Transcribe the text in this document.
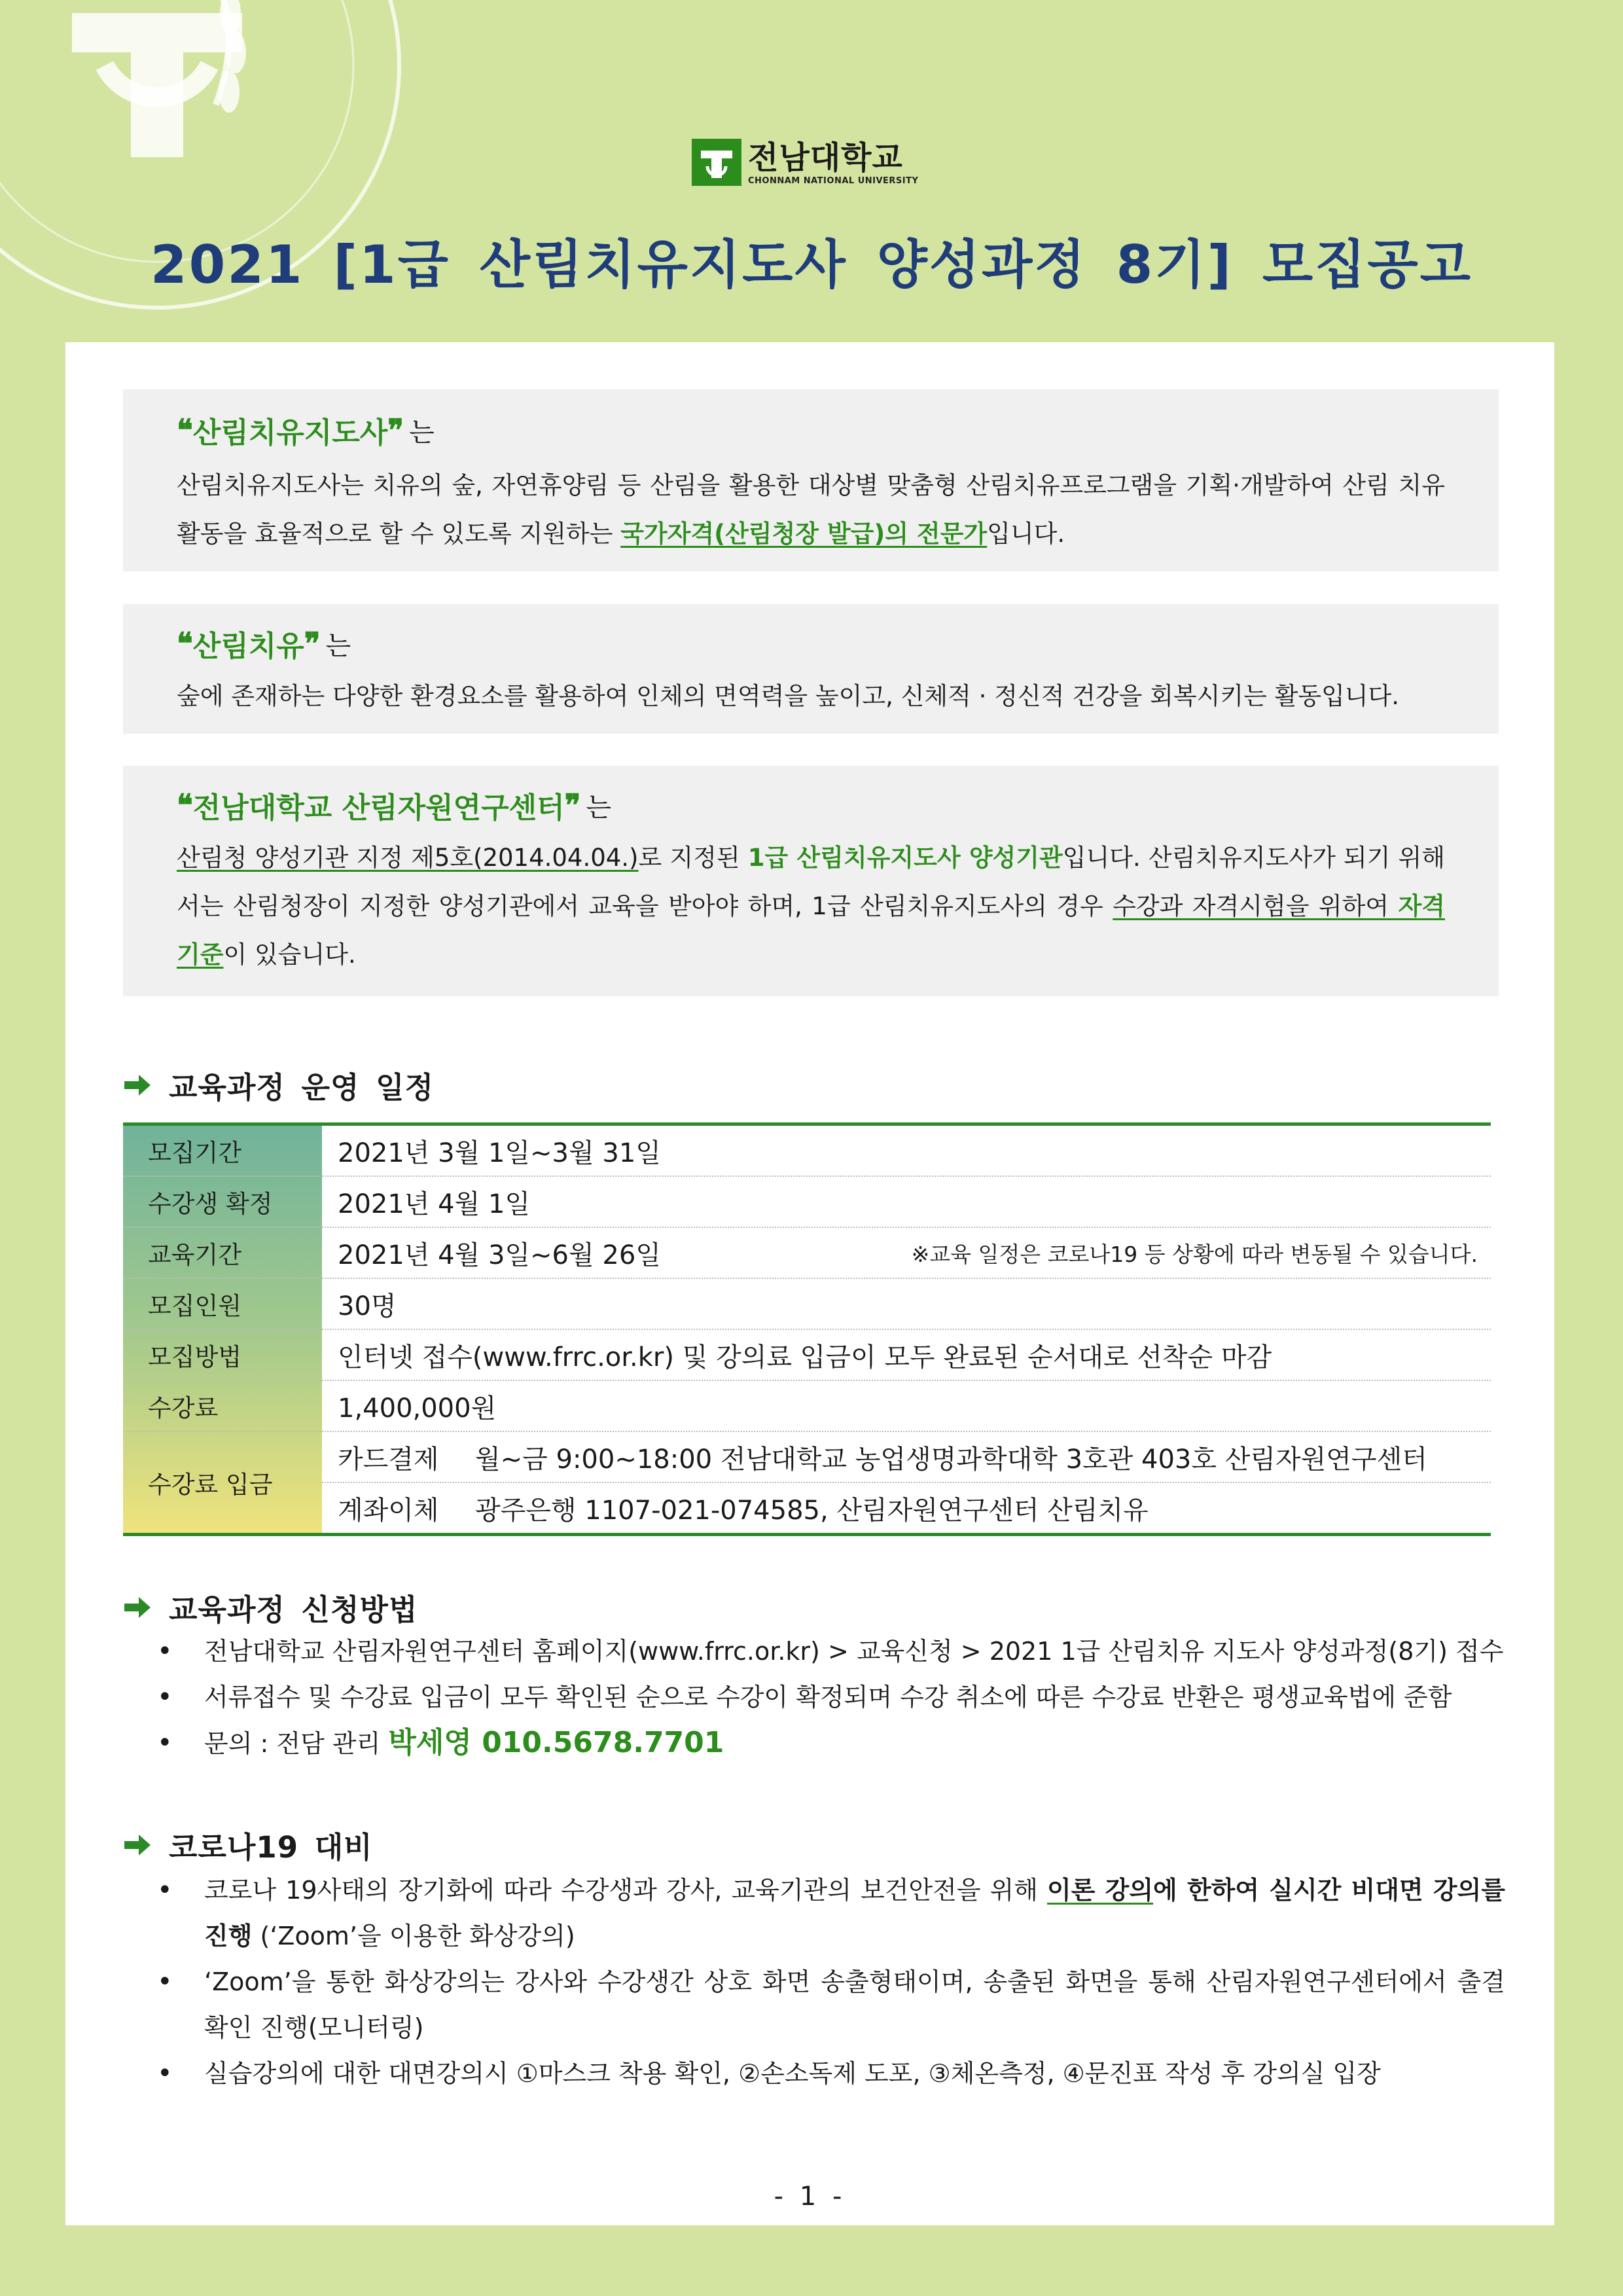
전남대학교
CHONNAM NATIONAL UNIVERSITY
2021 [1급 산림치유지도사 양성과정 8기] 모집공고
❝ 산림치유지도사 ❞ 는
산림치유지도사는 치유의 숲, 자연휴양림 등 산림을 활용한 대상별 맞춤형 산림치유프로그램을 기획·개발하여 산림 치유활동을 효율적으로 할 수 있도록 지원하는 국가자격(산림청장 발급)의 전문가입니다.
❝ 산림치유 ❞ 는
숲에 존재하는 다양한 환경요소를 활용하여 인체의 면역력을 높이고, 신체적 · 정신적 건강을 회복시키는 활동입니다.
❝ 전남대학교 산림자원연구센터 ❞ 는
산림청 양성기관 지정 제5호(2014.04.04.)로 지정된 1급 산림치유지도사 양성기관입니다. 산림치유지도사가 되기 위해서는 산림청장이 지정한 양성기관에서 교육을 받아야 하며, 1급 산림치유지도사의 경우 수강과 자격시험을 위하여 자격기준이 있습니다.
교육과정 운영 일정
모집기간	2021년 3월 1일~3월 31일
수강생 확정	2021년 4월 1일
교육기간	2021년 4월 3일~6월 26일	※교육 일정은 코로나19 등 상황에 따라 변동될 수 있습니다.
모집인원	30명
모집방법	인터넷 접수(www.frrc.or.kr) 및 강의료 입금이 모두 완료된 순서대로 선착순 마감
수강료	1,400,000원
수강료 입금
카드결제	월~금 9:00~18:00 전남대학교 농업생명과학대학 3호관 403호 산림자원연구센터
계좌이체	광주은행 1107-021-074585, 산림자원연구센터 산림치유
교육과정 신청방법
• 전남대학교 산림자원연구센터 홈페이지(www.frrc.or.kr) > 교육신청 > 2021 1급 산림치유 지도사 양성과정(8기) 접수
• 서류접수 및 수강료 입금이 모두 확인된 순으로 수강이 확정되며 수강 취소에 따른 수강료 반환은 평생교육법에 준함
• 문의 : 전담 관리 박세영 010.5678.7701
코로나19 대비
• 코로나 19사태의 장기화에 따라 수강생과 강사, 교육기관의 보건안전을 위해 이론 강의에 한하여 실시간 비대면 강의를 진행 (‘Zoom’을 이용한 화상강의)
• ‘Zoom’을 통한 화상강의는 강사와 수강생간 상호 화면 송출형태이며, 송출된 화면을 통해 산림자원연구센터에서 출결 확인 진행(모니터링)
• 실습강의에 대한 대면강의시 ①마스크 착용 확인, ②손소독제 도포, ③체온측정, ④문진표 작성 후 강의실 입장
- 1 -
